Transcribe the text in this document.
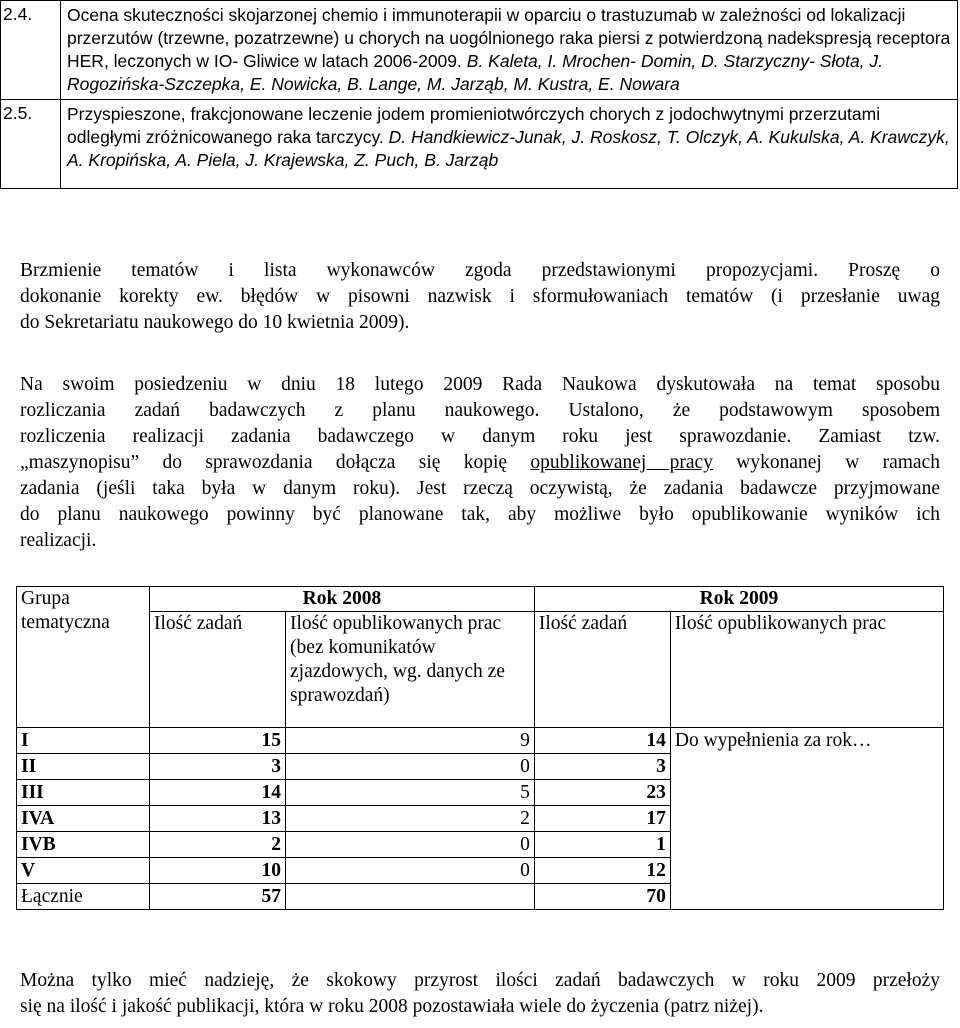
2.4.	Ocena skuteczności skojarzonej chemio i immunoterapii w oparciu o trastuzumab w zależności od lokalizacji przerzutów (trzewne, pozatrzewne) u chorych na uogólnionego raka piersi z potwierdzoną nadekspresją receptora HER, leczonych w IO- Gliwice w latach 2006-2009. B. Kaleta, I. Mrochen- Domin, D. Starzyczny- Słota, J. Rogozińska-Szczepka, E. Nowicka, B. Lange, M. Jarząb, M. Kustra, E. Nowara
2.5.	Przyspieszone, frakcjonowane leczenie jodem promieniotwórczych chorych z jodochwytnymi przerzutami odległymi zróżnicowanego raka tarczycy. D. Handkiewicz-Junak, J. Roskosz, T. Olczyk, A. Kukulska, A. Krawczyk, A. Kropińska, A. Piela, J. Krajewska, Z. Puch, B. Jarząb
Brzmienie tematów i lista wykonawców zgoda przedstawionymi propozycjami. Proszę o
dokonanie korekty ew. błędów w pisowni nazwisk i sformułowaniach tematów (i przesłanie uwag
do Sekretariatu naukowego do 10 kwietnia 2009).
Na swoim posiedzeniu w dniu 18 lutego 2009 Rada Naukowa dyskutowała na temat sposobu
rozliczania zadań badawczych z planu naukowego. Ustalono, że podstawowym sposobem
rozliczenia realizacji zadania badawczego w danym roku jest sprawozdanie. Zamiast tzw.
„maszynopisu” do sprawozdania dołącza się kopię opublikowanej pracy wykonanej w ramach
zadania (jeśli taka była w danym roku). Jest rzeczą oczywistą, że zadania badawcze przyjmowane
do planu naukowego powinny być planowane tak, aby możliwe było opublikowanie wyników ich
realizacji.
Grupa tematyczna	Rok 2008		Rok 2009	
	Ilość zadań	Ilość opublikowanych prac (bez komunikatów zjazdowych, wg. danych ze sprawozdań)	Ilość zadań	Ilość opublikowanych prac
I	15	9	14	Do wypełnienia za rok…
II	3	0	3	
III	14	5	23	
IVA	13	2	17	
IVB	2	0	1	
V	10	0	12	
Łącznie	57		70	
Można tylko mieć nadzieję, że skokowy przyrost ilości zadań badawczych w roku 2009 przełoży
się na ilość i jakość publikacji, która w roku 2008 pozostawiała wiele do życzenia (patrz niżej).
